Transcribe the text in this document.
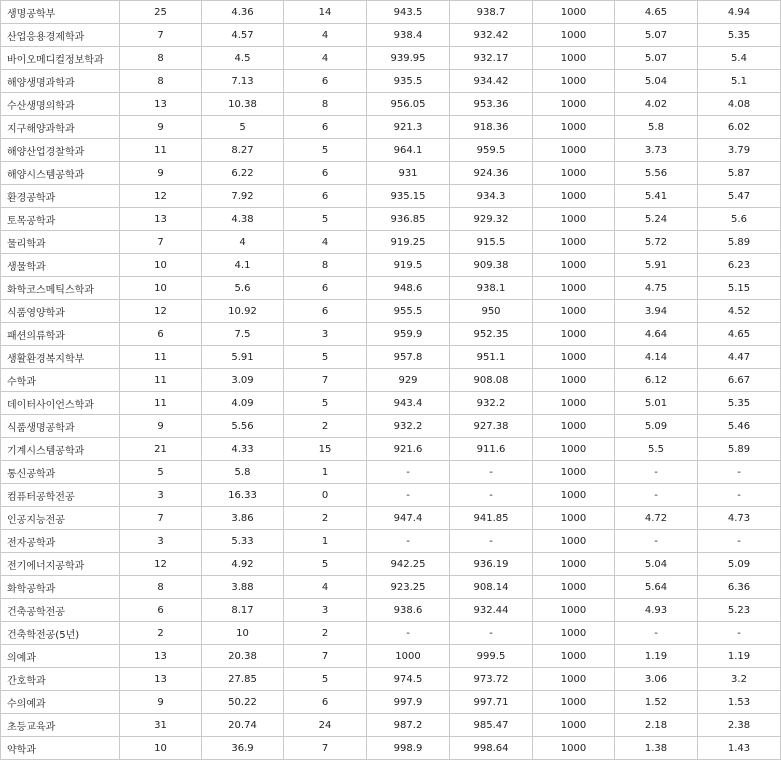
생명공학부	25	4.36	14	943.5	938.7	1000	4.65	4.94
산업응용경제학과	7	4.57	4	938.4	932.42	1000	5.07	5.35
바이오메디컬정보학과	8	4.5	4	939.95	932.17	1000	5.07	5.4
해양생명과학과	8	7.13	6	935.5	934.42	1000	5.04	5.1
수산생명의학과	13	10.38	8	956.05	953.36	1000	4.02	4.08
지구해양과학과	9	5	6	921.3	918.36	1000	5.8	6.02
해양산업경찰학과	11	8.27	5	964.1	959.5	1000	3.73	3.79
해양시스템공학과	9	6.22	6	931	924.36	1000	5.56	5.87
환경공학과	12	7.92	6	935.15	934.3	1000	5.41	5.47
토목공학과	13	4.38	5	936.85	929.32	1000	5.24	5.6
물리학과	7	4	4	919.25	915.5	1000	5.72	5.89
생물학과	10	4.1	8	919.5	909.38	1000	5.91	6.23
화학코스메틱스학과	10	5.6	6	948.6	938.1	1000	4.75	5.15
식품영양학과	12	10.92	6	955.5	950	1000	3.94	4.52
패션의류학과	6	7.5	3	959.9	952.35	1000	4.64	4.65
생활환경복지학부	11	5.91	5	957.8	951.1	1000	4.14	4.47
수학과	11	3.09	7	929	908.08	1000	6.12	6.67
데이터사이언스학과	11	4.09	5	943.4	932.2	1000	5.01	5.35
식품생명공학과	9	5.56	2	932.2	927.38	1000	5.09	5.46
기계시스템공학과	21	4.33	15	921.6	911.6	1000	5.5	5.89
통신공학과	5	5.8	1	-	-	1000	-	-
컴퓨터공학전공	3	16.33	0	-	-	1000	-	-
인공지능전공	7	3.86	2	947.4	941.85	1000	4.72	4.73
전자공학과	3	5.33	1	-	-	1000	-	-
전기에너지공학과	12	4.92	5	942.25	936.19	1000	5.04	5.09
화학공학과	8	3.88	4	923.25	908.14	1000	5.64	6.36
건축공학전공	6	8.17	3	938.6	932.44	1000	4.93	5.23
건축학전공(5년)	2	10	2	-	-	1000	-	-
의예과	13	20.38	7	1000	999.5	1000	1.19	1.19
간호학과	13	27.85	5	974.5	973.72	1000	3.06	3.2
수의예과	9	50.22	6	997.9	997.71	1000	1.52	1.53
초등교육과	31	20.74	24	987.2	985.47	1000	2.18	2.38
약학과	10	36.9	7	998.9	998.64	1000	1.38	1.43
